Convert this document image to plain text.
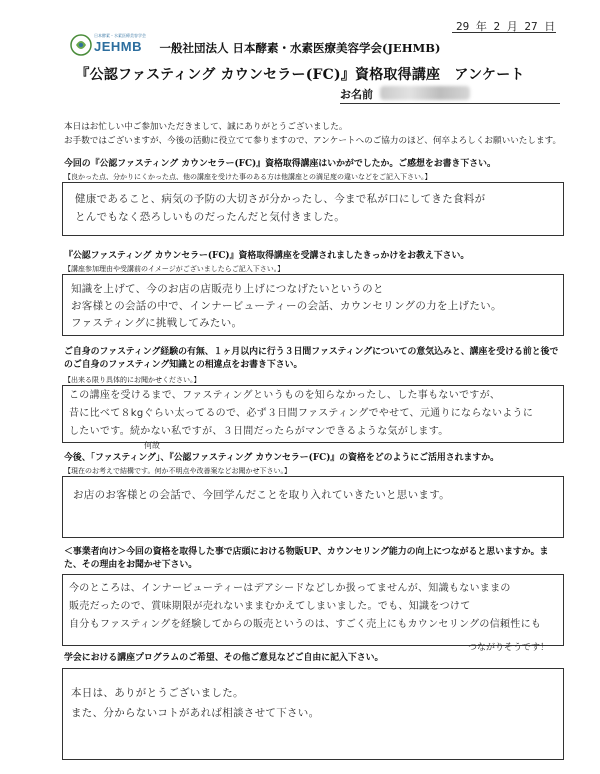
29 年 2 月 27 日
JEHMB
日本酵素・水素医療美容学会
一般社団法人 日本酵素・水素医療美容学会(JEHMB)
『公認ファスティング カウンセラー(FC)』資格取得講座　アンケート
お名前
本日はお忙しい中ご参加いただきまして、誠にありがとうございました。
お手数ではございますが、今後の活動に役立てて参りますので、アンケートへのご協力のほど、何卒よろしくお願いいたします。
今回の『公認ファスティング カウンセラー(FC)』資格取得講座はいかがでしたか。ご感想をお書き下さい。
【良かった点、分かりにくかった点、他の講座を受けた事のある方は他講座との満足度の違いなどをご記入下さい。】
健康であること、病気の予防の大切さが分かったし、今まで私が口にしてきた食料が
とんでもなく恐ろしいものだったんだと気付きました。
『公認ファスティング カウンセラー(FC)』資格取得講座を受講されましたきっかけをお教え下さい。
【講座参加理由や受講前のイメージがございましたらご記入下さい。】
知識を上げて、今のお店の店販売り上げにつなげたいというのと
お客様との会話の中で、インナービューティーの会話、カウンセリングの力を上げたい。
ファスティングに挑戦してみたい。
ご自身のファスティング経験の有無、１ヶ月以内に行う３日間ファスティングについての意気込みと、講座を受ける前と後でのご自身のファスティング知識との相違点をお書き下さい。
【出来る限り具体的にお聞かせください。】
この講座を受けるまで、ファスティングというものを知らなかったし、した事もないですが、
昔に比べて８kgぐらい太ってるので、必ず３日間ファスティングでやせて、元通りにならないように
したいです。続かない私ですが、３日間だったらがマンできるような気がします。
何故
今後、「ファスティング」、『公認ファスティング カウンセラー(FC)』の資格をどのようにご活用されますか。
【現在のお考えで結構です。何か不明点や改善案などお聞かせ下さい。】
お店のお客様との会話で、今回学んだことを取り入れていきたいと思います。
＜事業者向け＞今回の資格を取得した事で店頭における物販UP、カウンセリング能力の向上につながると思いますか。また、その理由をお聞かせ下さい。
今のところは、インナービューティーはデアシードなどしか扱ってませんが、知識もないままの
販売だったので、賞味期限が売れないままむかえてしまいました。でも、知識をつけて
自分もファスティングを経験してからの販売というのは、すごく売上にもカウンセリングの信頼性にも
つながりそうです！
学会における講座プログラムのご希望、その他ご意見などご自由に記入下さい。
本日は、ありがとうございました。
また、分からないコトがあれば相談させて下さい。
